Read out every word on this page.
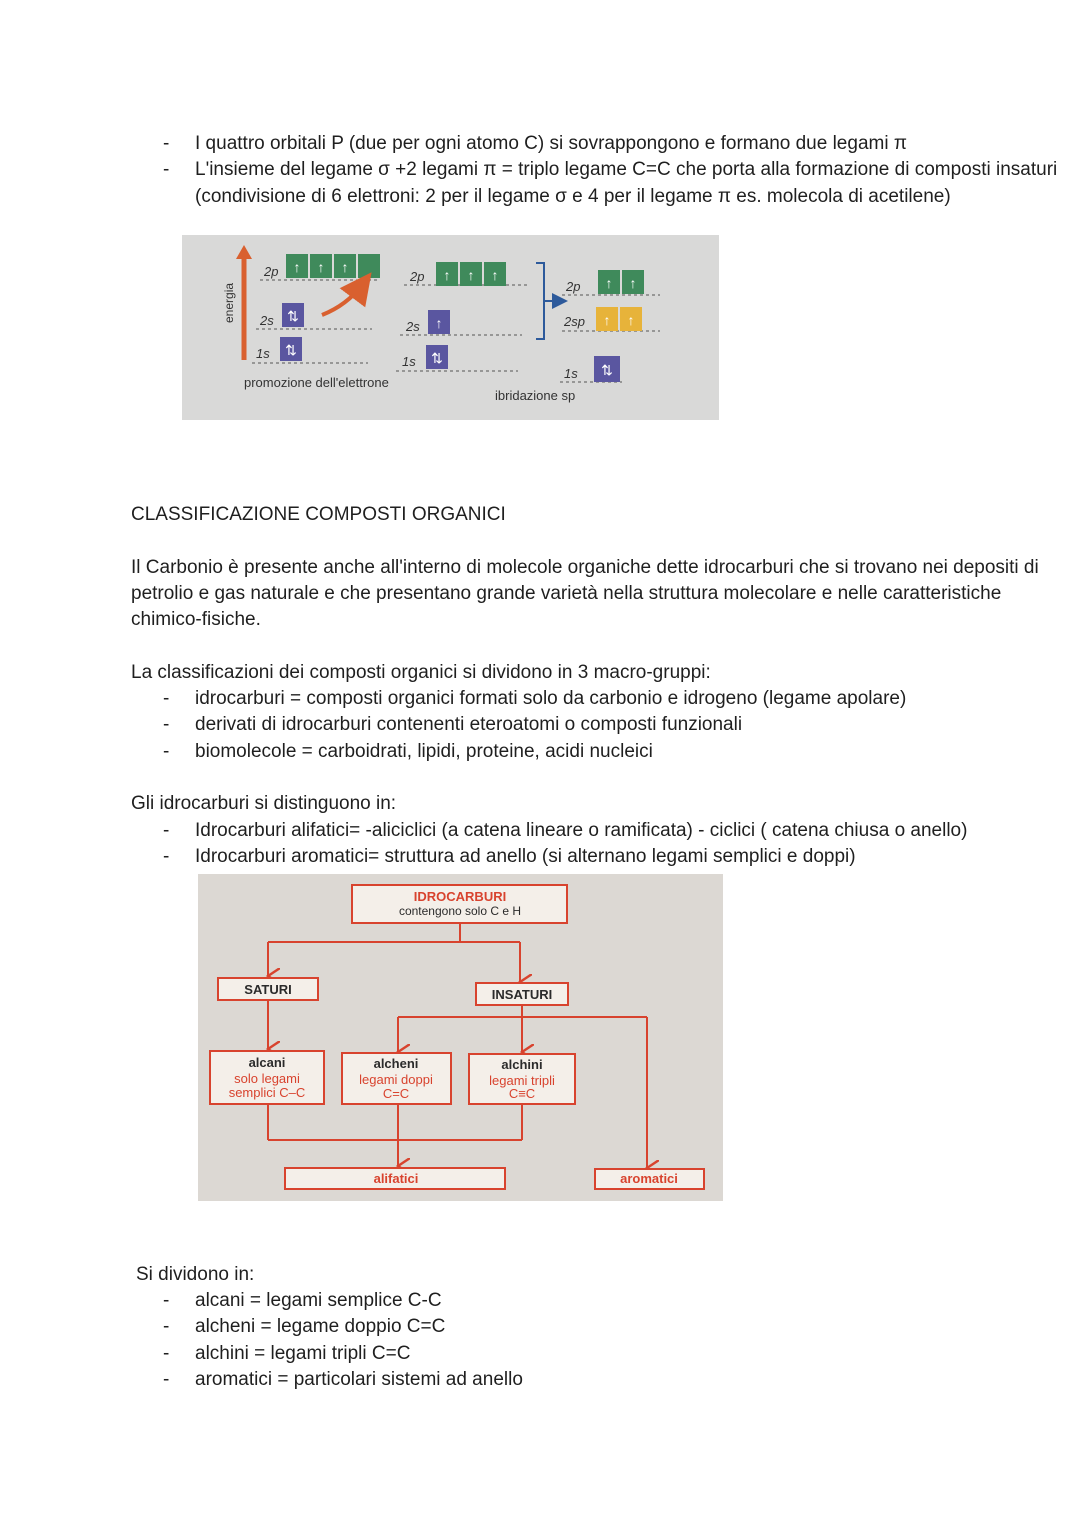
- I quattro orbitali P (due per ogni atomo C) si sovrappongono e formano due legami π
- L'insieme del legame σ +2 legami π = triplo legame C=C che porta alla formazione di composti insaturi (condivisione di 6 elettroni: 2 per il legame σ e 4 per il legame π es. molecola di acetilene)
energia
2p ↑ ↑ ↑
2s ⇅
1s ⇅
promozione dell'elettrone
2p ↑ ↑ ↑
2s ↑
1s ⇅
2p ↑ ↑
2sp ↑ ↑
1s ⇅
ibridazione sp

CLASSIFICAZIONE COMPOSTI ORGANICI

Il Carbonio è presente anche all'interno di molecole organiche dette idrocarburi che si trovano nei depositi di petrolio e gas naturale e che presentano grande varietà nella struttura molecolare e nelle caratteristiche chimico-fisiche.

La classificazioni dei composti organici si dividono in 3 macro-gruppi:

- idrocarburi = composti organici formati solo da carbonio e idrogeno (legame apolare)
- derivati di idrocarburi contenenti eteroatomi o composti funzionali
- biomolecole = carboidrati, lipidi, proteine, acidi nucleici

Gli idrocarburi si distinguono in:

- Idrocarburi alifatici= -aliciclici (a catena lineare o ramificata) - ciclici ( catena chiusa o anello)
- Idrocarburi aromatici= struttura ad anello (si alternano legami semplici e doppi)
IDROCARBURI
contengono solo C e H
SATURI	INSATURI
alcani
solo legami
semplici C–C
alcheni
legami doppi
C=C
alchini
legami tripli
C≡C
alifatici	aromatici

Si dividono in:

- alcani = legami semplice C-C
- alcheni = legame doppio C=C
- alchini = legami tripli C=C
- aromatici = particolari sistemi ad anello
